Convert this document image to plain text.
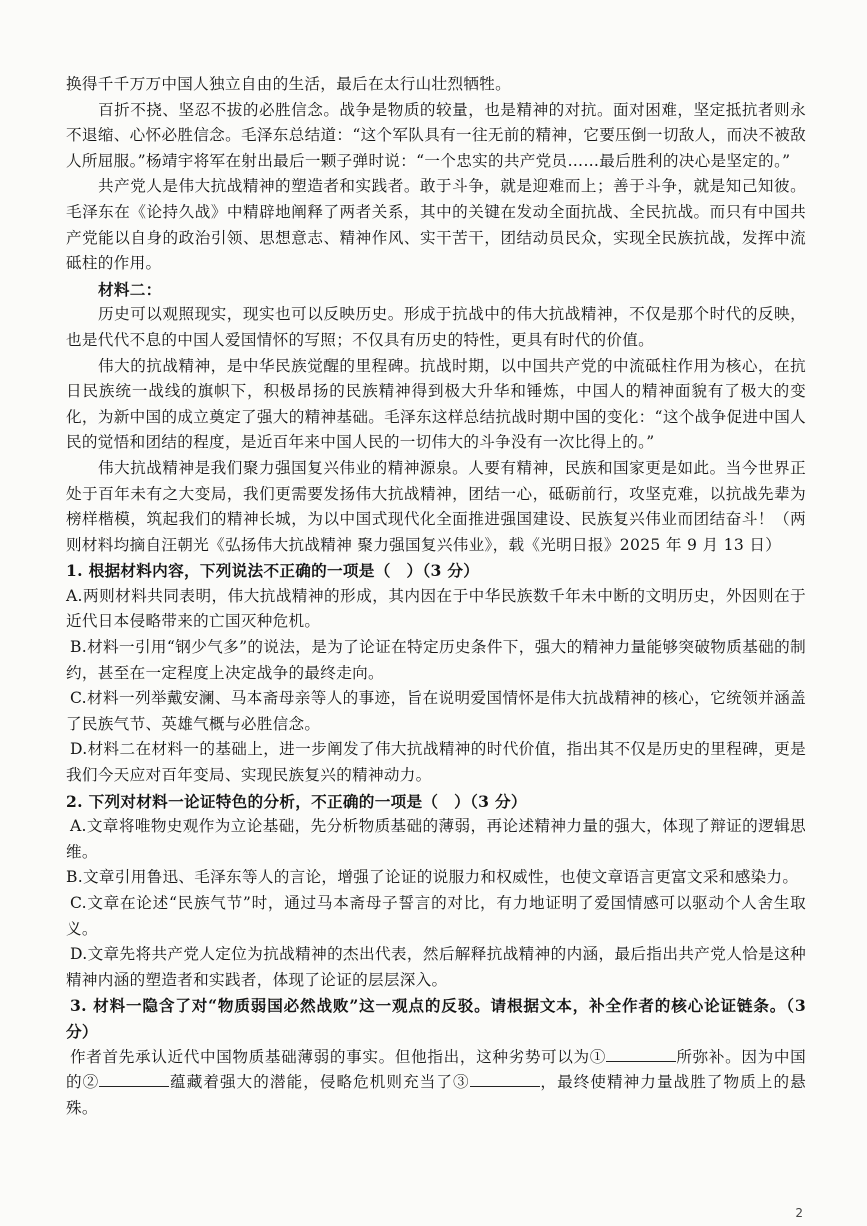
换得千千万万中国人独立自由的生活，最后在太行山壮烈牺牲。

百折不挠、坚忍不拔的必胜信念。战争是物质的较量，也是精神的对抗。面对困难，坚定抵抗者则永不退缩、心怀必胜信念。毛泽东总结道：“这个军队具有一往无前的精神，它要压倒一切敌人，而决不被敌人所屈服。”杨靖宇将军在射出最后一颗子弹时说：“一个忠实的共产党员……最后胜利的决心是坚定的。”

共产党人是伟大抗战精神的塑造者和实践者。敢于斗争，就是迎难而上；善于斗争，就是知己知彼。毛泽东在《论持久战》中精辟地阐释了两者关系，其中的关键在发动全面抗战、全民抗战。而只有中国共产党能以自身的政治引领、思想意志、精神作风、实干苦干，团结动员民众，实现全民族抗战，发挥中流砥柱的作用。

材料二：

历史可以观照现实，现实也可以反映历史。形成于抗战中的伟大抗战精神，不仅是那个时代的反映，也是代代不息的中国人爱国情怀的写照；不仅具有历史的特性，更具有时代的价值。

伟大的抗战精神，是中华民族觉醒的里程碑。抗战时期，以中国共产党的中流砥柱作用为核心，在抗日民族统一战线的旗帜下，积极昂扬的民族精神得到极大升华和锤炼，中国人的精神面貌有了极大的变化，为新中国的成立奠定了强大的精神基础。毛泽东这样总结抗战时期中国的变化：“这个战争促进中国人民的觉悟和团结的程度，是近百年来中国人民的一切伟大的斗争没有一次比得上的。”

伟大抗战精神是我们聚力强国复兴伟业的精神源泉。人要有精神，民族和国家更是如此。当今世界正处于百年未有之大变局，我们更需要发扬伟大抗战精神，团结一心，砥砺前行，攻坚克难，以抗战先辈为榜样楷模，筑起我们的精神长城，为以中国式现代化全面推进强国建设、民族复兴伟业而团结奋斗！（两则材料均摘自汪朝光《弘扬伟大抗战精神 聚力强国复兴伟业》，载《光明日报》2025 年 9 月 13 日）

1. 根据材料内容，下列说法不正确的一项是（　）（3 分）

A.两则材料共同表明，伟大抗战精神的形成，其内因在于中华民族数千年未中断的文明历史，外因则在于近代日本侵略带来的亡国灭种危机。

B.材料一引用“钢少气多”的说法，是为了论证在特定历史条件下，强大的精神力量能够突破物质基础的制约，甚至在一定程度上决定战争的最终走向。

C.材料一列举戴安澜、马本斋母亲等人的事迹，旨在说明爱国情怀是伟大抗战精神的核心，它统领并涵盖了民族气节、英雄气概与必胜信念。

D.材料二在材料一的基础上，进一步阐发了伟大抗战精神的时代价值，指出其不仅是历史的里程碑，更是我们今天应对百年变局、实现民族复兴的精神动力。

2. 下列对材料一论证特色的分析，不正确的一项是（　）（3 分）

A.文章将唯物史观作为立论基础，先分析物质基础的薄弱，再论述精神力量的强大，体现了辩证的逻辑思维。

B.文章引用鲁迅、毛泽东等人的言论，增强了论证的说服力和权威性，也使文章语言更富文采和感染力。

C.文章在论述“民族气节”时，通过马本斋母子誓言的对比，有力地证明了爱国情感可以驱动个人舍生取义。

D.文章先将共产党人定位为抗战精神的杰出代表，然后解释抗战精神的内涵，最后指出共产党人恰是这种精神内涵的塑造者和实践者，体现了论证的层层深入。

3. 材料一隐含了对“物质弱国必然战败”这一观点的反驳。请根据文本，补全作者的核心论证链条。（3 分）

作者首先承认近代中国物质基础薄弱的事实。但他指出，这种劣势可以为①	所弥补。因为中国的②	蕴藏着强大的潜能，侵略危机则充当了③	，最终使精神力量战胜了物质上的悬殊。

2
